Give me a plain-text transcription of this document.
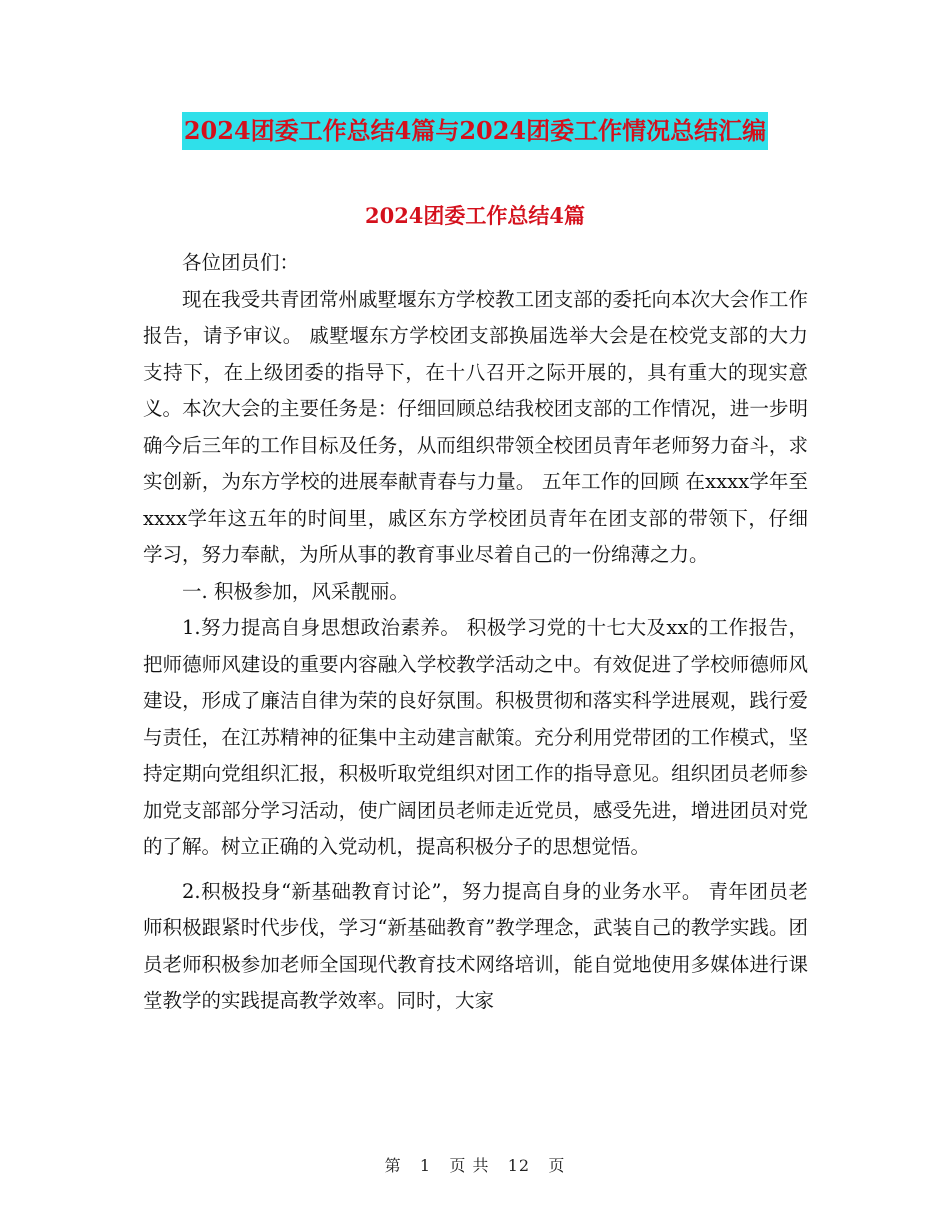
2024团委工作总结4篇与2024团委工作情况总结汇编
2024团委工作总结4篇

各位团员们：

现在我受共青团常州戚墅堰东方学校教工团支部的委托向本次大会作工作报告，请予审议。 戚墅堰东方学校团支部换届选举大会是在校党支部的大力支持下，在上级团委的指导下，在十八召开之际开展的，具有重大的现实意义。本次大会的主要任务是：仔细回顾总结我校团支部的工作情况，进一步明确今后三年的工作目标及任务，从而组织带领全校团员青年老师努力奋斗，求实创新，为东方学校的进展奉献青春与力量。 五年工作的回顾 在xxxx学年至xxxx学年这五年的时间里，戚区东方学校团员青年在团支部的带领下，仔细学习，努力奉献，为所从事的教育事业尽着自己的一份绵薄之力。

一. 积极参加，风采靓丽。

1.努力提高自身思想政治素养。 积极学习党的十七大及xx的工作报告，把师德师风建设的重要内容融入学校教学活动之中。有效促进了学校师德师风建设，形成了廉洁自律为荣的良好氛围。积极贯彻和落实科学进展观，践行爱与责任，在江苏精神的征集中主动建言献策。充分利用党带团的工作模式，坚持定期向党组织汇报，积极听取党组织对团工作的指导意见。组织团员老师参加党支部部分学习活动，使广阔团员老师走近党员，感受先进，增进团员对党的了解。树立正确的入党动机，提高积极分子的思想觉悟。

2.积极投身“新基础教育讨论”，努力提高自身的业务水平。 青年团员老师积极跟紧时代步伐，学习“新基础教育”教学理念，武装自己的教学实践。团员老师积极参加老师全国现代教育技术网络培训，能自觉地使用多媒体进行课堂教学的实践提高教学效率。同时，大家

第 1 页 共 12 页
